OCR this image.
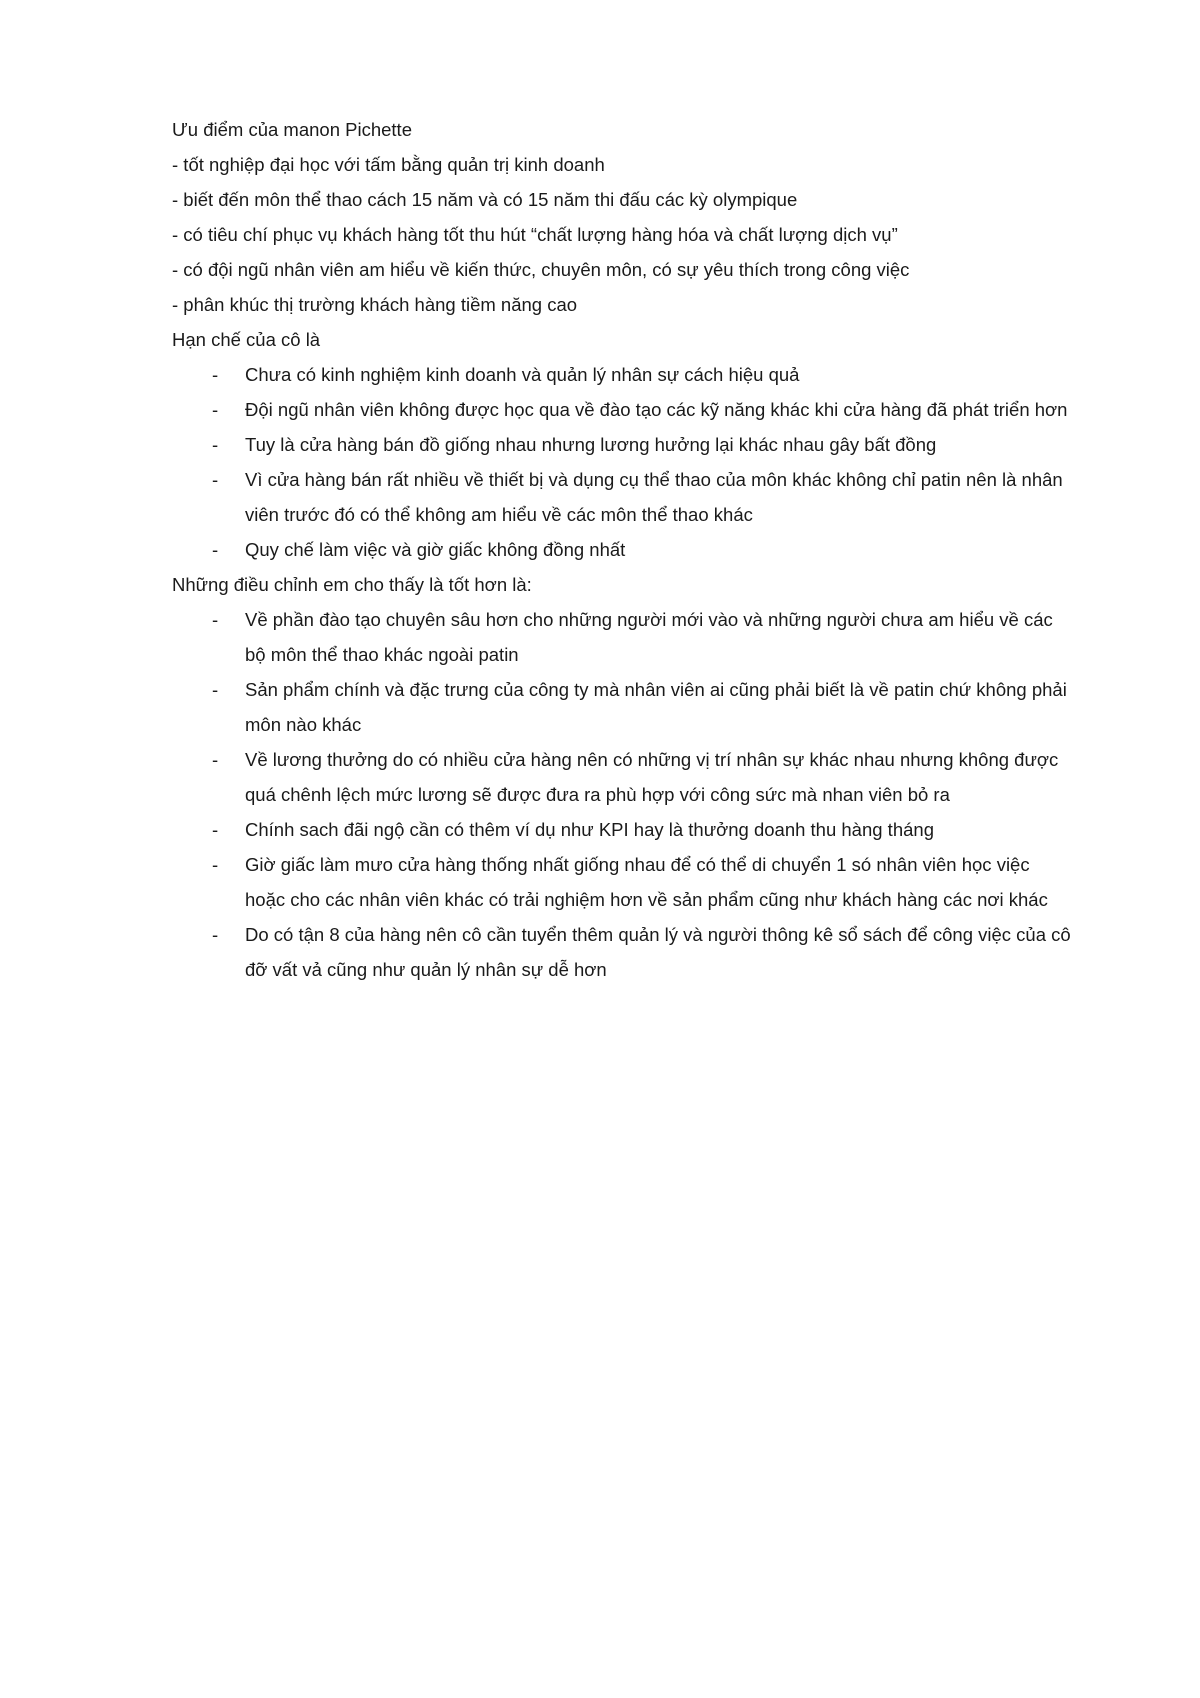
Ưu điểm của manon Pichette

- tốt nghiệp đại học với tấm bằng quản trị kinh doanh

- biết đến môn thể thao cách 15 năm và có 15 năm thi đấu các kỳ olympique

- có tiêu chí phục vụ khách hàng tốt thu hút “chất lượng hàng hóa và chất lượng dịch vụ”

- có đội ngũ nhân viên am hiểu về kiến thức, chuyên môn, có sự yêu thích trong công việc

- phân khúc thị trường khách hàng tiềm năng cao

Hạn chế của cô là

- Chưa có kinh nghiệm kinh doanh và quản lý nhân sự cách hiệu quả
- Đội ngũ nhân viên không được học qua về đào tạo các kỹ năng khác khi cửa hàng đã phát triển hơn
- Tuy là cửa hàng bán đồ giống nhau nhưng lương hưởng lại khác nhau gây bất đồng
- Vì cửa hàng bán rất nhiều về thiết bị và dụng cụ thể thao của môn khác không chỉ patin nên là nhân viên trước đó có thể không am hiểu về các môn thể thao khác
- Quy chế làm việc và giờ giấc không đồng nhất

Những điều chỉnh em cho thấy là tốt hơn là:

- Về phần đào tạo chuyên sâu hơn cho những người mới vào và những người chưa am hiểu về các bộ môn thể thao khác ngoài patin
- Sản phẩm chính và đặc trưng của công ty mà nhân viên ai cũng phải biết là về patin chứ không phải môn nào khác
- Về lương thưởng do có nhiều cửa hàng nên có những vị trí nhân sự khác nhau nhưng không được quá chênh lệch mức lương sẽ được đưa ra phù hợp với công sức mà nhan viên bỏ ra
- Chính sach đãi ngộ cần có thêm ví dụ như KPI hay là thưởng doanh thu hàng tháng
- Giờ giấc làm mưo cửa hàng thống nhất giống nhau để có thể di chuyển 1 só nhân viên học việc hoặc cho các nhân viên khác có trải nghiệm hơn về sản phẩm cũng như khách hàng các nơi khác
- Do có tận 8 của hàng nên cô cần tuyển thêm quản lý và người thông kê sổ sách để công việc của cô đỡ vất vả cũng như quản lý nhân sự dễ hơn
